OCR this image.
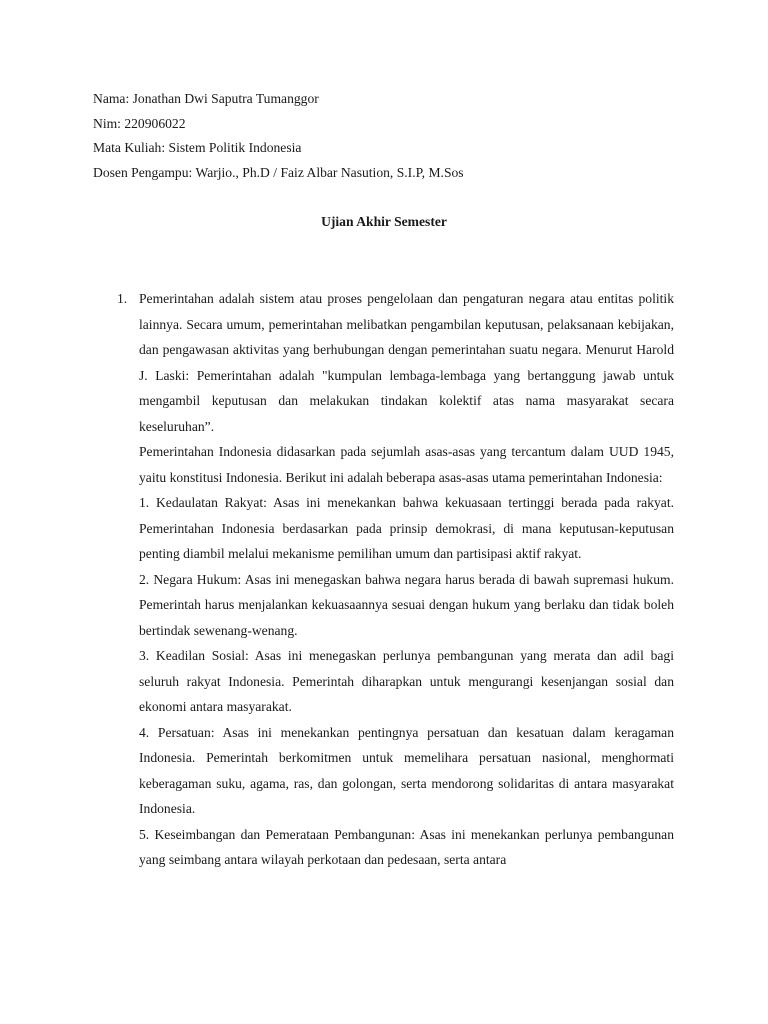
Nama: Jonathan Dwi Saputra Tumanggor
Nim: 220906022
Mata Kuliah: Sistem Politik Indonesia
Dosen Pengampu: Warjio., Ph.D / Faiz Albar Nasution, S.I.P, M.Sos
Ujian Akhir Semester
1. Pemerintahan adalah sistem atau proses pengelolaan dan pengaturan negara atau entitas politik lainnya. Secara umum, pemerintahan melibatkan pengambilan keputusan, pelaksanaan kebijakan, dan pengawasan aktivitas yang berhubungan dengan pemerintahan suatu negara. Menurut Harold J. Laski: Pemerintahan adalah "kumpulan lembaga-lembaga yang bertanggung jawab untuk mengambil keputusan dan melakukan tindakan kolektif atas nama masyarakat secara keseluruhan”.

Pemerintahan Indonesia didasarkan pada sejumlah asas-asas yang tercantum dalam UUD 1945, yaitu konstitusi Indonesia. Berikut ini adalah beberapa asas-asas utama pemerintahan Indonesia:

1. Kedaulatan Rakyat: Asas ini menekankan bahwa kekuasaan tertinggi berada pada rakyat. Pemerintahan Indonesia berdasarkan pada prinsip demokrasi, di mana keputusan-keputusan penting diambil melalui mekanisme pemilihan umum dan partisipasi aktif rakyat.

2. Negara Hukum: Asas ini menegaskan bahwa negara harus berada di bawah supremasi hukum. Pemerintah harus menjalankan kekuasaannya sesuai dengan hukum yang berlaku dan tidak boleh bertindak sewenang-wenang.

3. Keadilan Sosial: Asas ini menegaskan perlunya pembangunan yang merata dan adil bagi seluruh rakyat Indonesia. Pemerintah diharapkan untuk mengurangi kesenjangan sosial dan ekonomi antara masyarakat.

4. Persatuan: Asas ini menekankan pentingnya persatuan dan kesatuan dalam keragaman Indonesia. Pemerintah berkomitmen untuk memelihara persatuan nasional, menghormati keberagaman suku, agama, ras, dan golongan, serta mendorong solidaritas di antara masyarakat Indonesia.

5. Keseimbangan dan Pemerataan Pembangunan: Asas ini menekankan perlunya pembangunan yang seimbang antara wilayah perkotaan dan pedesaan, serta antara
